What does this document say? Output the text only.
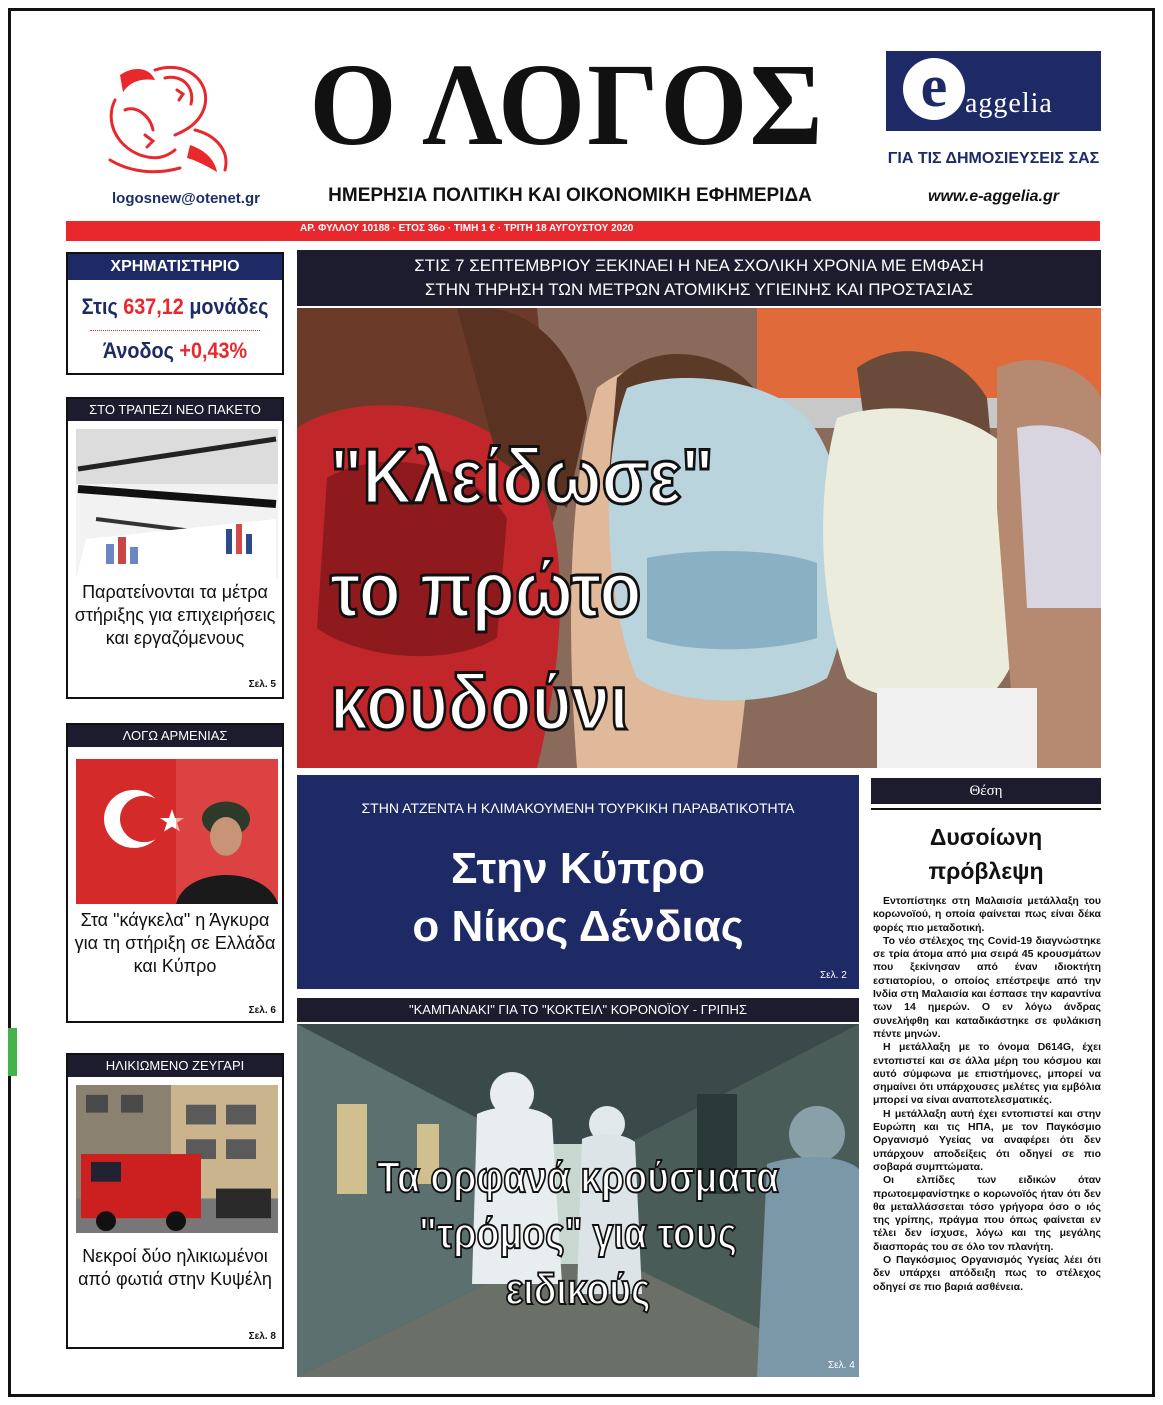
logosnew@otenet.gr
Ο ΛΟΓΟΣ
ΗΜΕΡΗΣΙΑ ΠΟΛΙΤΙΚΗ ΚΑΙ ΟΙΚΟΝΟΜΙΚΗ ΕΦΗΜΕΡΙΔΑ
e aggelia
ΓΙΑ ΤΙΣ ΔΗΜΟΣΙΕΥΣΕΙΣ ΣΑΣ
www.e-aggelia.gr
ΑΡ. ΦΥΛΛΟΥ 10188 · ΕΤΟΣ 36ο · ΤΙΜΗ 1 € · ΤΡΙΤΗ 18 ΑΥΓΟΥΣΤΟΥ 2020
ΧΡΗΜΑΤΙΣΤΗΡΙΟ
Στις 637,12 μονάδες
Άνοδος +0,43%
ΣΤΟ ΤΡΑΠΕΖΙ ΝΕΟ ΠΑΚΕΤΟ
Παρατείνονται τα μέτρα στήριξης για επιχειρήσεις και εργαζόμενους
Σελ. 5
ΛΟΓΩ ΑΡΜΕΝΙΑΣ
Στα "κάγκελα" η Άγκυρα για τη στήριξη σε Ελλάδα και Κύπρο
Σελ. 6
ΗΛΙΚΙΩΜΕΝΟ ΖΕΥΓΑΡΙ
Νεκροί δύο ηλικιωμένοι από φωτιά στην Κυψέλη
Σελ. 8
ΣΤΙΣ 7 ΣΕΠΤΕΜΒΡΙΟΥ ΞΕΚΙΝΑΕΙ Η ΝΕΑ ΣΧΟΛΙΚΗ ΧΡΟΝΙΑ ΜΕ ΕΜΦΑΣΗ
ΣΤΗΝ ΤΗΡΗΣΗ ΤΩΝ ΜΕΤΡΩΝ ΑΤΟΜΙΚΗΣ ΥΓΙΕΙΝΗΣ ΚΑΙ ΠΡΟΣΤΑΣΙΑΣ
"Κλείδωσε"
το πρώτο
κουδούνι
ΣΤΗΝ ΑΤΖΕΝΤΑ Η ΚΛΙΜΑΚΟΥΜΕΝΗ ΤΟΥΡΚΙΚΗ ΠΑΡΑΒΑΤΙΚΟΤΗΤΑ
Στην Κύπρο
ο Νίκος Δένδιας
Σελ. 2
"ΚΑΜΠΑΝΑΚΙ" ΓΙΑ ΤΟ "ΚΟΚΤΕΙΛ" ΚΟΡΟΝΟΪΟΥ - ΓΡΙΠΗΣ
Τα ορφανά κρούσματα
"τρόμος" για τους ειδικούς
Σελ. 4
Θέση
Δυσοίωνη
πρόβλεψη

Εντοπίστηκε στη Μαλαισία μετάλλαξη του κορωνοϊού, η οποία φαίνεται πως είναι δέκα φορές πιο μεταδοτική.

Το νέο στέλεχος της Covid-19 διαγνώστηκε σε τρία άτομα από μια σειρά 45 κρουσμάτων που ξεκίνησαν από έναν ιδιοκτήτη εστιατορίου, ο οποίος επέστρεψε από την Ινδία στη Μαλαισία και έσπασε την καραντίνα των 14 ημερών. Ο εν λόγω άνδρας συνελήφθη και καταδικάστηκε σε φυλάκιση πέντε μηνών.

Η μετάλλαξη με το όνομα D614G, έχει εντοπιστεί και σε άλλα μέρη του κόσμου και αυτό σύμφωνα με επιστήμονες, μπορεί να σημαίνει ότι υπάρχουσες μελέτες για εμβόλια μπορεί να είναι αναποτελεσματικές.

Η μετάλλαξη αυτή έχει εντοπιστεί και στην Ευρώπη και τις ΗΠΑ, με τον Παγκόσμιο Οργανισμό Υγείας να αναφέρει ότι δεν υπάρχουν αποδείξεις ότι οδηγεί σε πιο σοβαρά συμπτώματα.

Οι ελπίδες των ειδικών όταν πρωτοεμφανίστηκε ο κορωνοϊός ήταν ότι δεν θα μεταλλάσσεται τόσο γρήγορα όσο ο ιός της γρίπης, πράγμα που όπως φαίνεται εν τέλει δεν ίσχυσε, λόγω και της μεγάλης διασποράς του σε όλο τον πλανήτη.

Ο Παγκόσμιος Οργανισμός Υγείας λέει ότι δεν υπάρχει απόδειξη πως το στέλεχος οδηγεί σε πιο βαριά ασθένεια.
